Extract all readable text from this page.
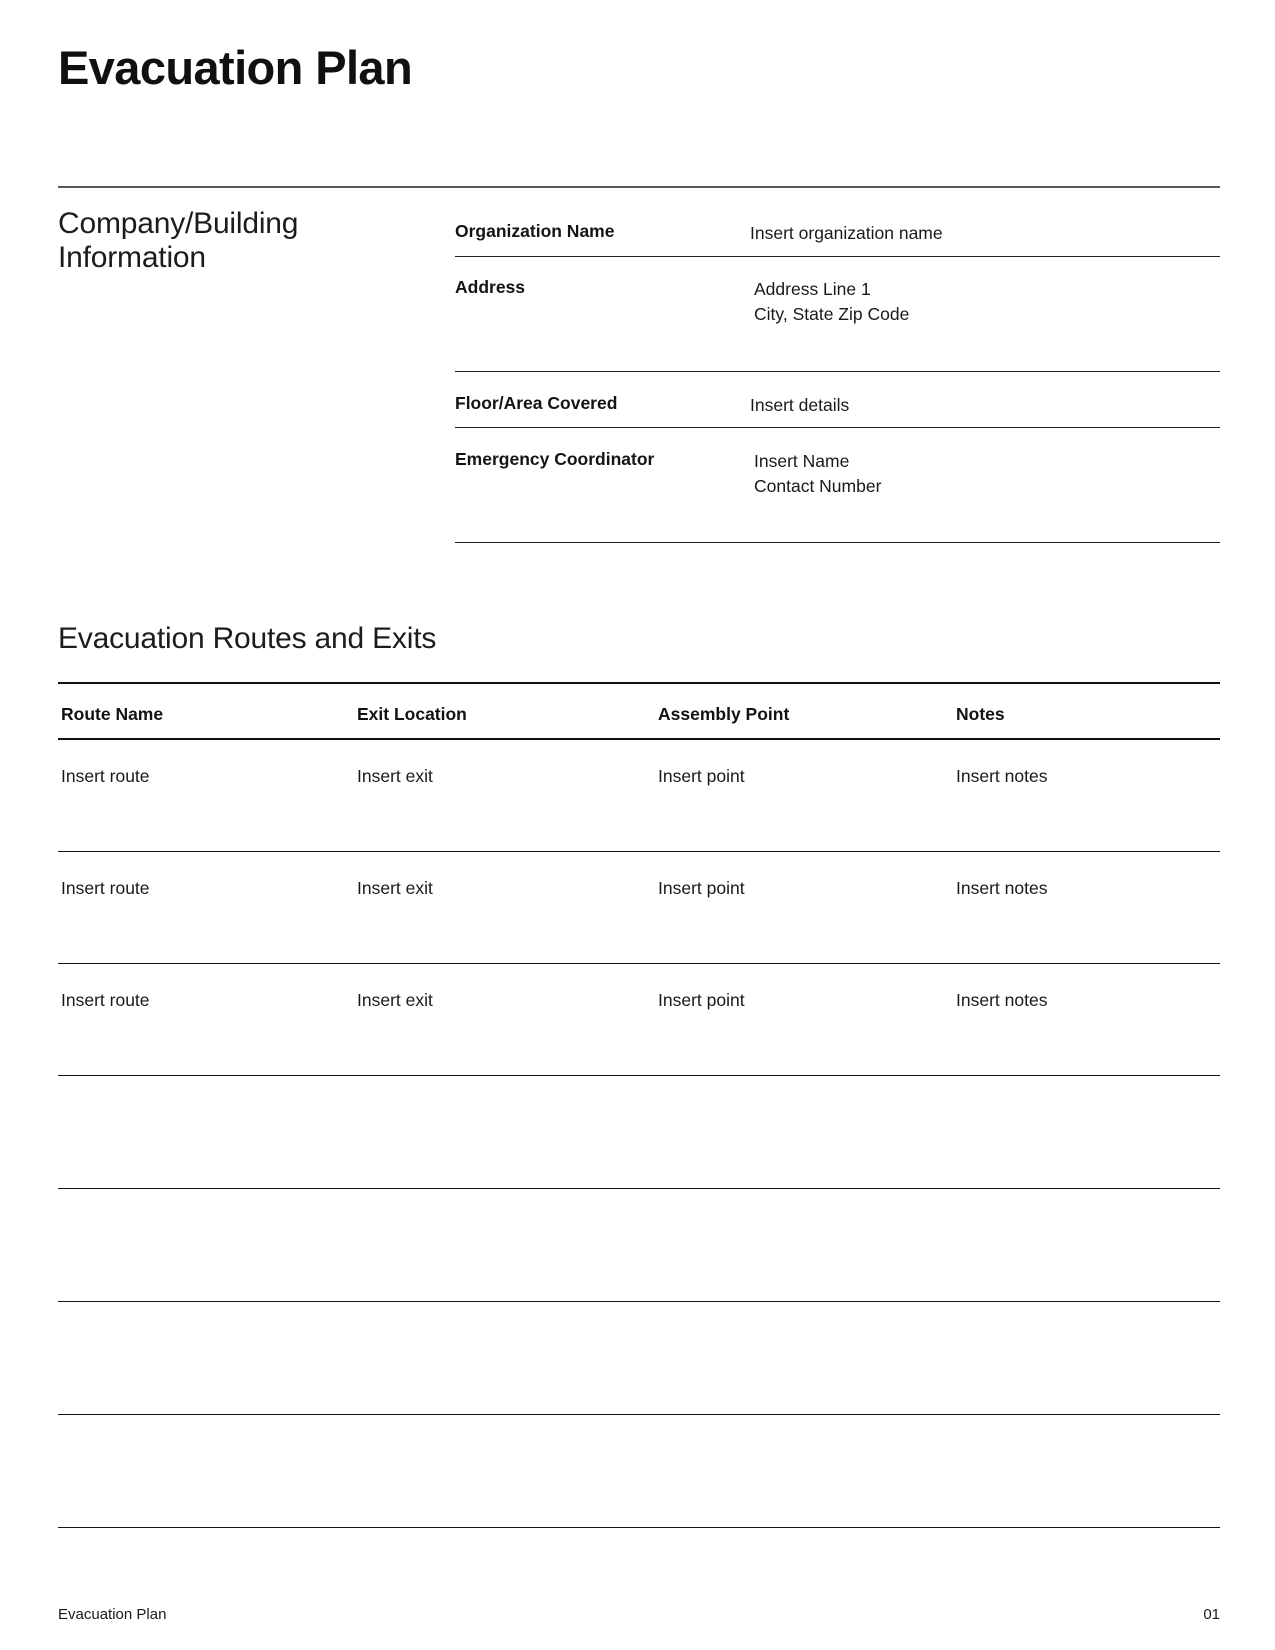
Evacuation Plan
Company/Building Information
Organization Name	Insert organization name
Address	Address Line 1
City, State Zip Code
Floor/Area Covered	Insert details
Emergency Coordinator	Insert Name
Contact Number
Evacuation Routes and Exits
Route Name	Exit Location	Assembly Point	Notes
Insert route	Insert exit	Insert point	Insert notes
Insert route	Insert exit	Insert point	Insert notes
Insert route	Insert exit	Insert point	Insert notes
Evacuation Plan	01
